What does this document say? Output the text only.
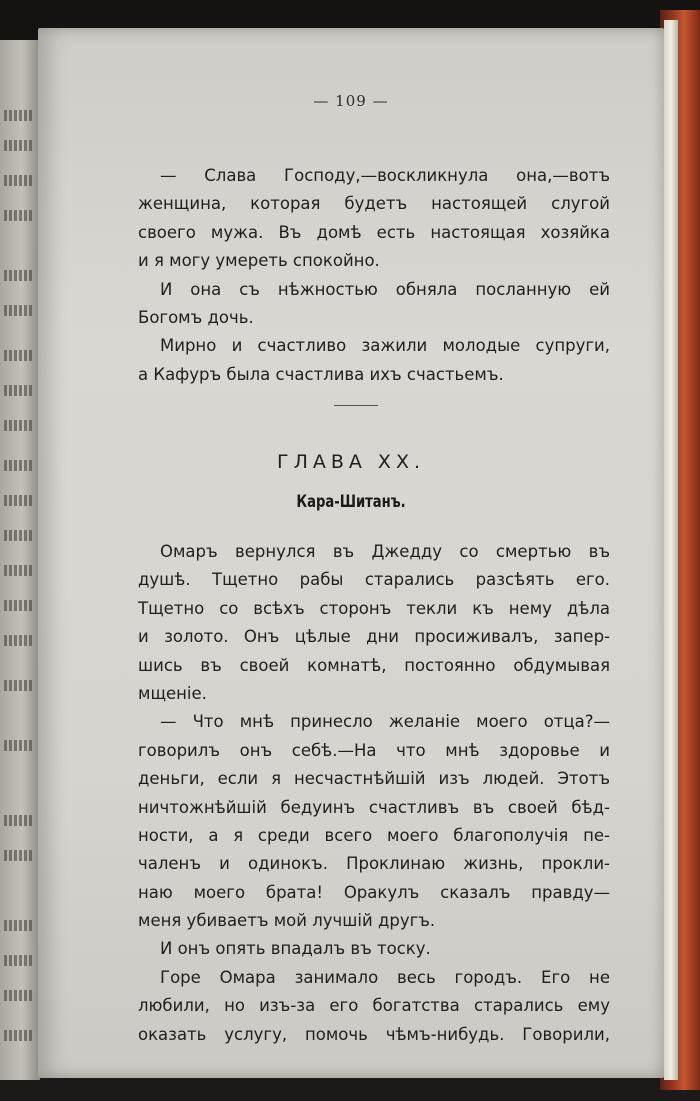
— 109 —
— Слава Господу,—воскликнула она,—вотъ
женщина, которая будетъ настоящей слугой
своего мужа. Въ домѣ есть настоящая хозяйка
и я могу умереть спокойно.
И она съ нѣжностью обняла посланную ей
Богомъ дочь.
Мирно и счастливо зажили молодые супруги,
а Кафуръ была счастлива ихъ счастьемъ.
ГЛАВА XX.
Кара-Шитанъ.
Омаръ вернулся въ Джедду со смертью въ
душѣ. Тщетно рабы старались разсѣять его.
Тщетно со всѣхъ сторонъ текли къ нему дѣла
и золото. Онъ цѣлые дни просиживалъ, запер-
шись въ своей комнатѣ, постоянно обдумывая
мщеніе.
— Что мнѣ принесло желаніе моего отца?—
говорилъ онъ себѣ.—На что мнѣ здоровье и
деньги, если я несчастнѣйшій изъ людей. Этотъ
ничтожнѣйшій бедуинъ счастливъ въ своей бѣд-
ности, а я среди всего моего благополучія пе-
чаленъ и одинокъ. Проклинаю жизнь, прокли-
наю моего брата! Оракулъ сказалъ правду—
меня убиваетъ мой лучшій другъ.
И онъ опять впадалъ въ тоску.
Горе Омара занимало весь городъ. Его не
любили, но изъ-за его богатства старались ему
оказать услугу, помочь чѣмъ-нибудь. Говорили,
